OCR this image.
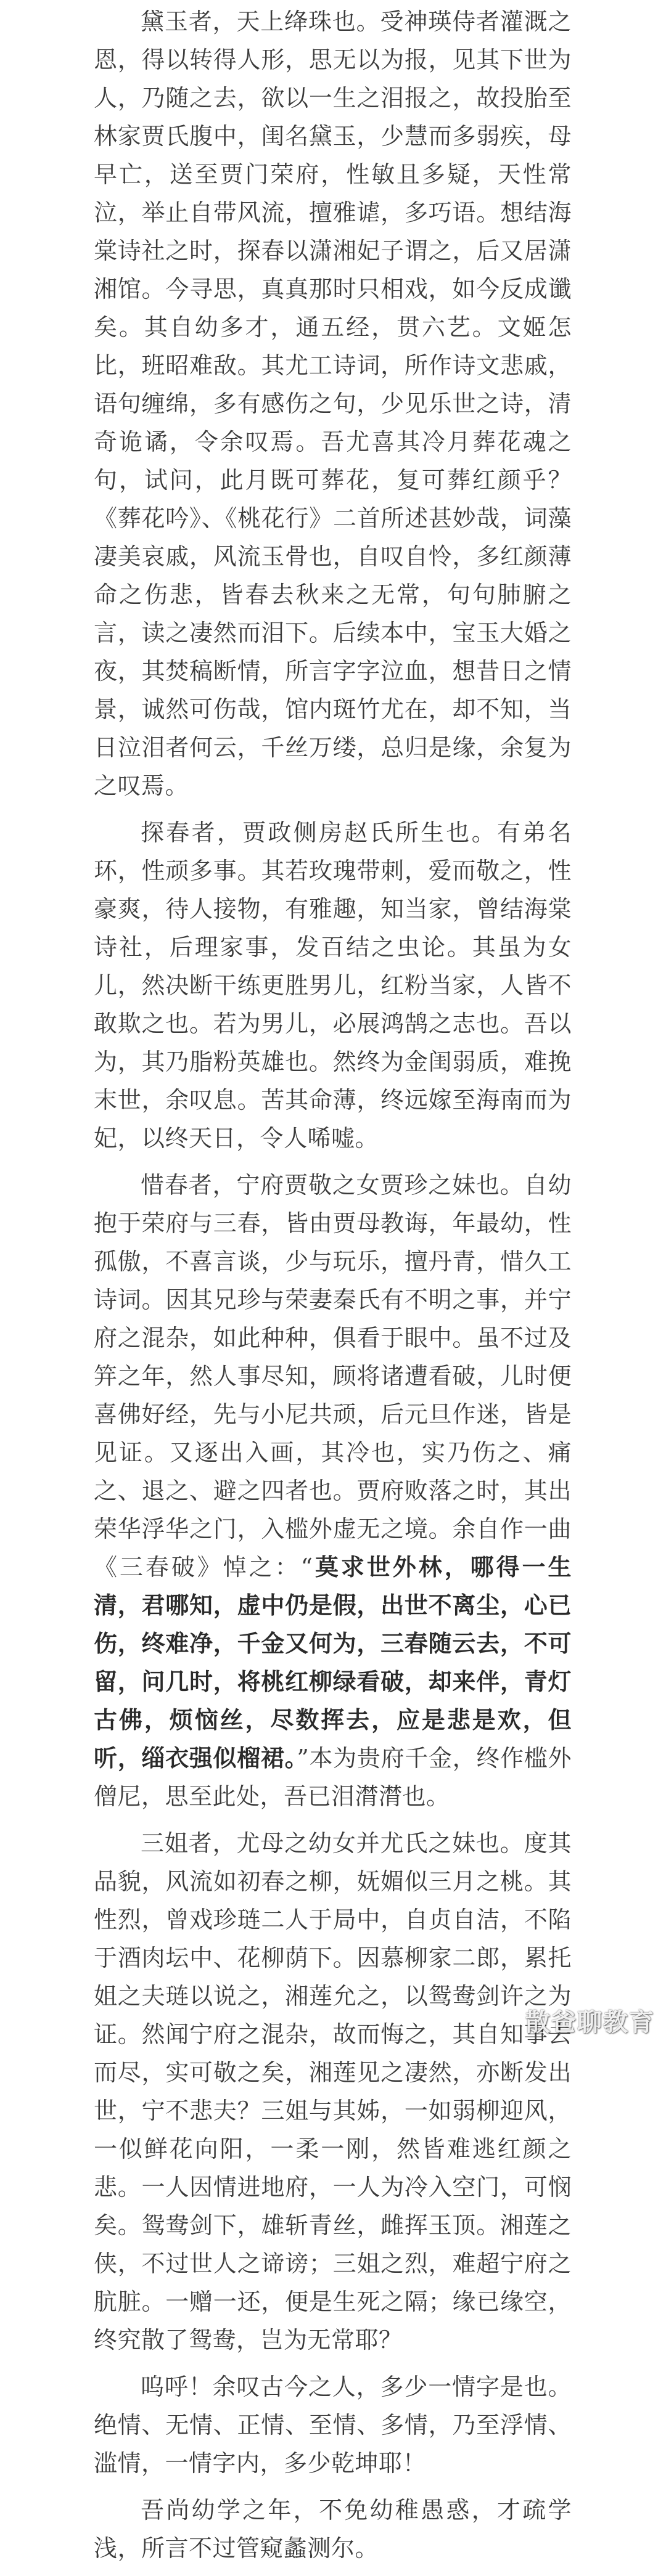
黛玉者，天上绛珠也。受神瑛侍者灌溉之恩，得以转得人形，思无以为报，见其下世为人，乃随之去，欲以一生之泪报之，故投胎至林家贾氏腹中，闺名黛玉，少慧而多弱疾，母早亡，送至贾门荣府，性敏且多疑，天性常泣，举止自带风流，擅雅谑，多巧语。想结海棠诗社之时，探春以潇湘妃子谓之，后又居潇湘馆。今寻思，真真那时只相戏，如今反成谶矣。其自幼多才，通五经，贯六艺。文姬怎比，班昭难敌。其尤工诗词，所作诗文悲戚，语句缠绵，多有感伤之句，少见乐世之诗，清奇诡谲，令余叹焉。吾尤喜其冷月葬花魂之句，试问，此月既可葬花，复可葬红颜乎？《葬花吟》、《桃花行》二首所述甚妙哉，词藻凄美哀戚，风流玉骨也，自叹自怜，多红颜薄命之伤悲，皆春去秋来之无常，句句肺腑之言，读之凄然而泪下。后续本中，宝玉大婚之夜，其焚稿断情，所言字字泣血，想昔日之情景，诚然可伤哉，馆内斑竹尤在，却不知，当日泣泪者何云，千丝万缕，总归是缘，余复为之叹焉。

探春者，贾政侧房赵氏所生也。有弟名环，性顽多事。其若玫瑰带刺，爱而敬之，性豪爽，待人接物，有雅趣，知当家，曾结海棠诗社，后理家事，发百结之虫论。其虽为女儿，然决断干练更胜男儿，红粉当家，人皆不敢欺之也。若为男儿，必展鸿鹄之志也。吾以为，其乃脂粉英雄也。然终为金闺弱质，难挽末世，余叹息。苦其命薄，终远嫁至海南而为妃，以终天日，令人唏嘘。

惜春者，宁府贾敬之女贾珍之妹也。自幼抱于荣府与三春，皆由贾母教诲，年最幼，性孤傲，不喜言谈，少与玩乐，擅丹青，惜久工诗词。因其兄珍与荣妻秦氏有不明之事，并宁府之混杂，如此种种，俱看于眼中。虽不过及笄之年，然人事尽知，顾将诸遭看破，儿时便喜佛好经，先与小尼共顽，后元旦作迷，皆是见证。又逐出入画，其冷也，实乃伤之、痛之、退之、避之四者也。贾府败落之时，其出荣华浮华之门，入槛外虚无之境。余自作一曲《三春破》悼之：“莫求世外林，哪得一生清，君哪知，虚中仍是假，出世不离尘，心已伤，终难净，千金又何为，三春随云去，不可留，问几时，将桃红柳绿看破，却来伴，青灯古佛，烦恼丝，尽数挥去，应是悲是欢，但听，缁衣强似榴裙。”本为贵府千金，终作槛外僧尼，思至此处，吾已泪潸潸也。

三姐者，尤母之幼女并尤氏之妹也。度其品貌，风流如初春之柳，妩媚似三月之桃。其性烈，曾戏珍琏二人于局中，自贞自洁，不陷于酒肉坛中、花柳荫下。因慕柳家二郎，累托姐之夫琏以说之，湘莲允之，以鸳鸯剑许之为证。然闻宁府之混杂，故而悔之，其自知事去而尽，实可敬之矣，湘莲见之凄然，亦断发出世，宁不悲夫？三姐与其姊，一如弱柳迎风，一似鲜花向阳，一柔一刚，然皆难逃红颜之悲。一人因情进地府，一人为冷入空门，可悯矣。鸳鸯剑下，雄斩青丝，雌挥玉顶。湘莲之侠，不过世人之谛谤；三姐之烈，难超宁府之肮脏。一赠一还，便是生死之隔；缘已缘空，终究散了鸳鸯，岂为无常耶？

呜呼！余叹古今之人，多少一情字是也。绝情、无情、正情、至情、多情，乃至浮情、滥情，一情字内，多少乾坤耶！

吾尚幼学之年，不免幼稚愚惑，才疏学浅，所言不过管窥蠡测尔。

散爸聊教育
